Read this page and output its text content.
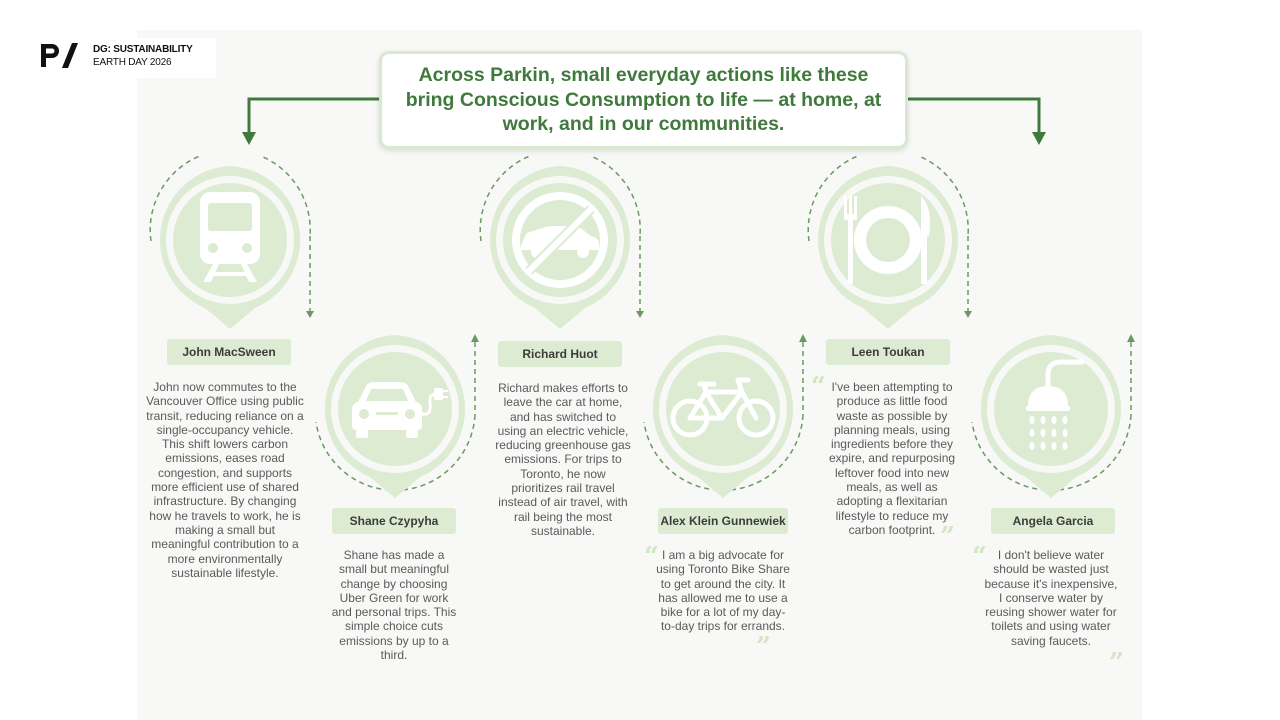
DG: SUSTAINABILITY
EARTH DAY 2026
Across Parkin, small everyday actions like these bring Conscious Consumption to life — at home, at work, and in our communities.
John MacSween
Shane Czypyha
Richard Huot
Alex Klein Gunnewiek
Leen Toukan
Angela Garcia
John now commutes to the Vancouver Office using public transit, reducing reliance on a single-occupancy vehicle. This shift lowers carbon emissions, eases road congestion, and supports more efficient use of shared infrastructure. By changing how he travels to work, he is making a small but meaningful contribution to a more environmentally sustainable lifestyle.
Shane has made a small but meaningful change by choosing Uber Green for work and personal trips. This simple choice cuts emissions by up to a third.
Richard makes efforts to leave the car at home, and has switched to using an electric vehicle, reducing greenhouse gas emissions. For trips to Toronto, he now prioritizes rail travel instead of air travel, with rail being the most sustainable.
I am a big advocate for using Toronto Bike Share to get around the city. It has allowed me to use a bike for a lot of my day-to-day trips for errands.
I've been attempting to produce as little food waste as possible by planning meals, using ingredients before they expire, and repurposing leftover food into new meals, as well as adopting a flexitarian lifestyle to reduce my carbon footprint.
I don't believe water should be wasted just because it's inexpensive, I conserve water by reusing shower water for toilets and using water saving faucets.
“
”
“
”
“
”
